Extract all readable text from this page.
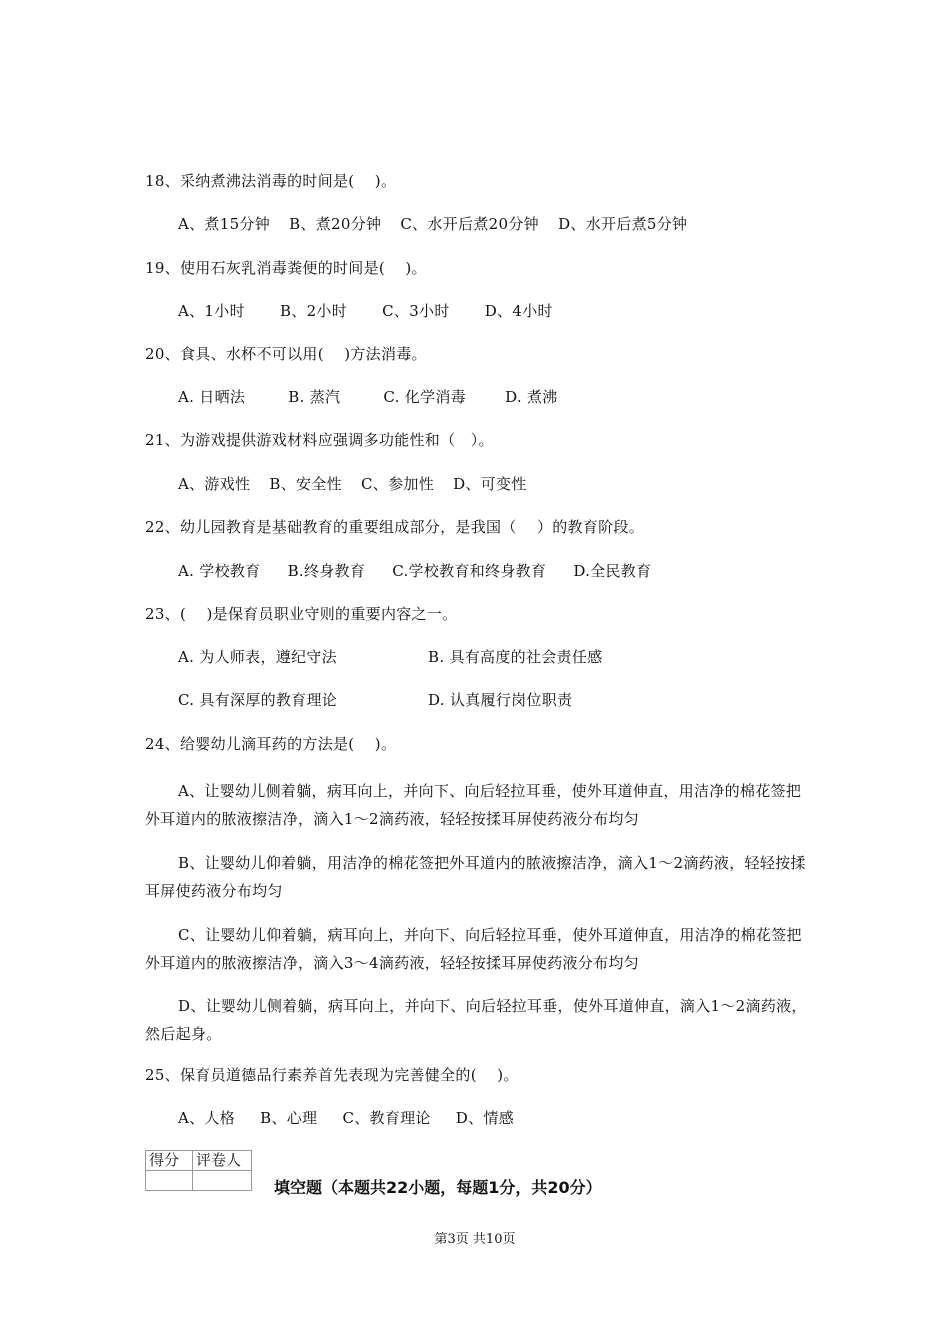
18、采纳煮沸法消毒的时间是(　 )。
A、煮15分钟 B、煮20分钟 C、水开后煮20分钟 D、水开后煮5分钟
19、使用石灰乳消毒粪便的时间是(　 )。
A、1小时 B、2小时 C、3小时 D、4小时
20、食具、水杯不可以用(　 )方法消毒。
A. 日晒法	B. 蒸汽	C. 化学消毒	D. 煮沸
21、为游戏提供游戏材料应强调多功能性和（　）。
A、游戏性 B、安全性 C、参加性 D、可变性
22、幼儿园教育是基础教育的重要组成部分，是我国（　 ）的教育阶段。
A. 学校教育 B.终身教育 C.学校教育和终身教育 D.全民教育
23、(　 )是保育员职业守则的重要内容之一。
A. 为人师表，遵纪守法	B. 具有高度的社会责任感
C. 具有深厚的教育理论	D. 认真履行岗位职责
24、给婴幼儿滴耳药的方法是(　 )。
A、让婴幼儿侧着躺，病耳向上，并向下、向后轻拉耳垂，使外耳道伸直，用洁净的棉花签把外耳道内的脓液擦洁净，滴入1～2滴药液，轻轻按揉耳屏使药液分布均匀
B、让婴幼儿仰着躺，用洁净的棉花签把外耳道内的脓液擦洁净，滴入1～2滴药液，轻轻按揉耳屏使药液分布均匀
C、让婴幼儿仰着躺，病耳向上，并向下、向后轻拉耳垂，使外耳道伸直，用洁净的棉花签把外耳道内的脓液擦洁净，滴入3～4滴药液，轻轻按揉耳屏使药液分布均匀
D、让婴幼儿侧着躺，病耳向上，并向下、向后轻拉耳垂，使外耳道伸直，滴入1～2滴药液，然后起身。
25、保育员道德品行素养首先表现为完善健全的(　 )。
A、人格 B、心理 C、教育理论 D、情感
得分	评卷人

填空题（本题共22小题，每题1分，共20分）
第3页 共10页
